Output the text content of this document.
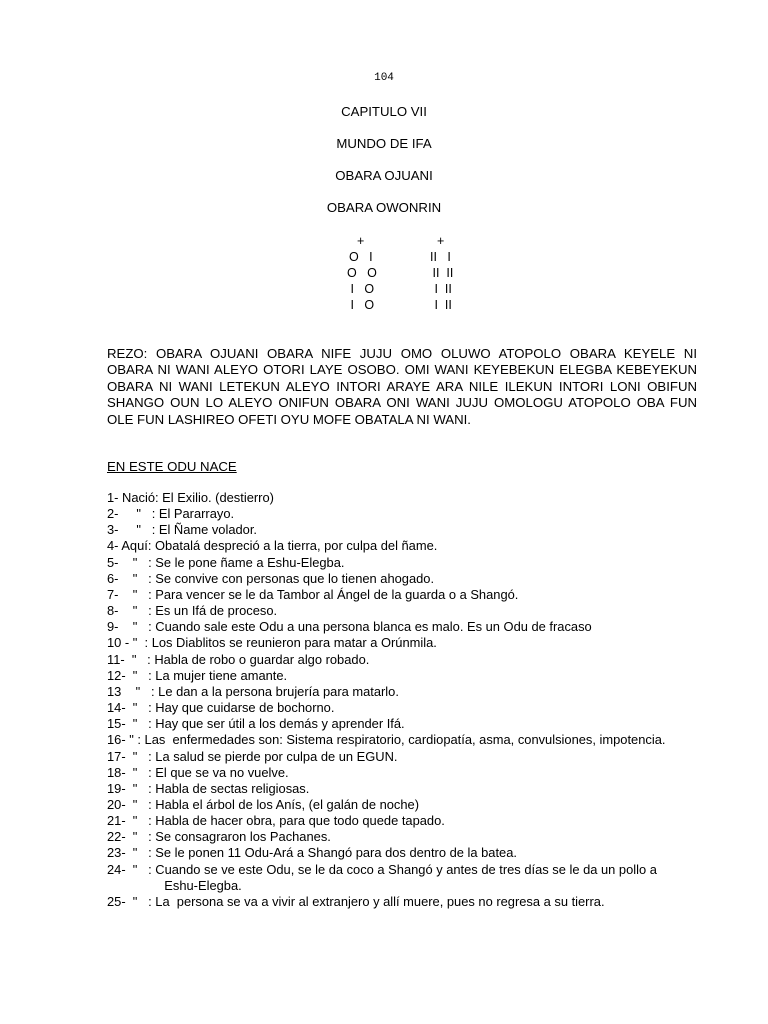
104
CAPITULO VII
MUNDO DE IFA
OBARA OJUANI
OBARA OWONRIN
+
O   I
O   O
I   O
I   O
+
II   I
II  II
I  II
I  II
REZO: OBARA OJUANI OBARA NIFE JUJU OMO OLUWO ATOPOLO OBARA KEYELE NI
OBARA NI WANI ALEYO OTORI LAYE OSOBO. OMI WANI KEYEBEKUN ELEGBA KEBEYEKUN
OBARA NI WANI LETEKUN ALEYO INTORI ARAYE ARA NILE ILEKUN INTORI LONI OBIFUN
SHANGO OUN LO ALEYO ONIFUN OBARA ONI WANI JUJU OMOLOGU ATOPOLO OBA FUN
OLE FUN LASHIREO OFETI OYU MOFE OBATALA NI WANI.
EN ESTE ODU NACE
1- Nació: El Exilio. (destierro)
2-     "   : El Pararrayo.
3-     "   : El Ñame volador.
4- Aquí: Obatalá despreció a la tierra, por culpa del ñame.
5-    "   : Se le pone ñame a Eshu-Elegba.
6-    "   : Se convive con personas que lo tienen ahogado.
7-    "   : Para vencer se le da Tambor al Ángel de la guarda o a Shangó.
8-    "   : Es un Ifá de proceso.
9-    "   : Cuando sale este Odu a una persona blanca es malo. Es un Odu de fracaso
10 - "  : Los Diablitos se reunieron para matar a Orúnmila.
11-  "   : Habla de robo o guardar algo robado.
12-  "   : La mujer tiene amante.
13    "   : Le dan a la persona brujería para matarlo.
14-  "   : Hay que cuidarse de bochorno.
15-  "   : Hay que ser útil a los demás y aprender Ifá.
16- " : Las  enfermedades son: Sistema respiratorio, cardiopatía, asma, convulsiones, impotencia.
17-  "   : La salud se pierde por culpa de un EGUN.
18-  "   : El que se va no vuelve.
19-  "   : Habla de sectas religiosas.
20-  "   : Habla el árbol de los Anís, (el galán de noche)
21-  "   : Habla de hacer obra, para que todo quede tapado.
22-  "   : Se consagraron los Pachanes.
23-  "   : Se le ponen 11 Odu-Ará a Shangó para dos dentro de la batea.
24-  "   : Cuando se ve este Odu, se le da coco a Shangó y antes de tres días se le da un pollo a
Eshu-Elegba.
25-  "   : La  persona se va a vivir al extranjero y allí muere, pues no regresa a su tierra.
